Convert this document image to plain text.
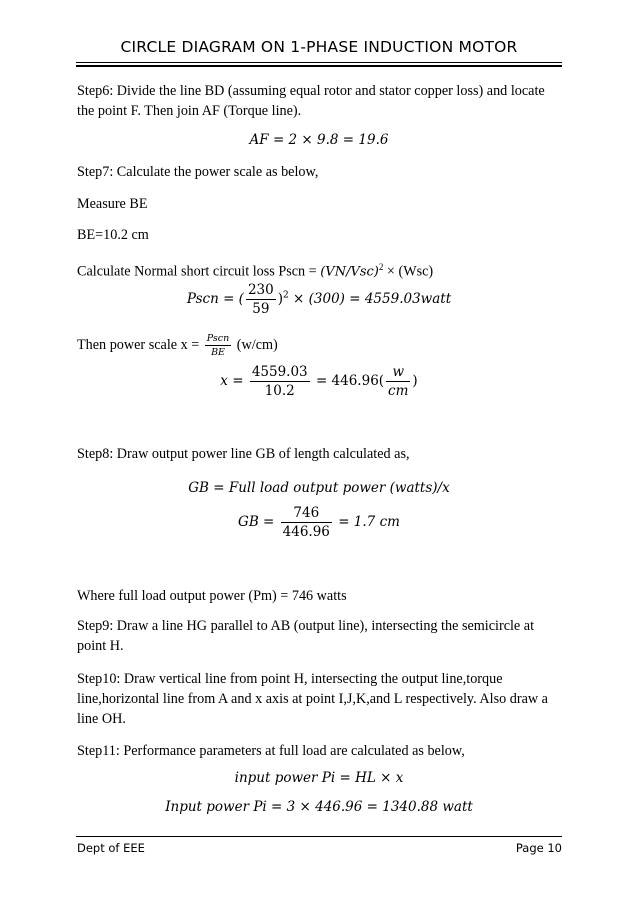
CIRCLE DIAGRAM ON 1-PHASE INDUCTION MOTOR
Step6: Divide the line BD (assuming equal rotor and stator copper loss) and locate the point F. Then join AF (Torque line).
AF = 2 × 9.8 = 19.6
Step7: Calculate the power scale as below,
Measure BE
BE=10.2 cm
Calculate Normal short circuit loss Pscn = $(VN/Vsc)^2 \times (Wsc)$
Pscn = ( $\frac{230}{59} )^2 \times (300)$ = 4559.03watt
Then power scale $x = \frac{\text{Pscn}}{BE} (w/cm)$
$x = \frac{4559.03}{10.2} = 446.96( \frac{w}{cm}$ )
Step8: Draw output power line GB of length calculated as,
GB = Full load output power (watts)/x
GB = $\frac{746}{446.96} = 1.7$ cm
Where full load output power (Pm) = 746 watts
Step9: Draw a line HG parallel to AB (output line), intersecting the semicircle at point H.
Step10: Draw vertical line from point H, intersecting the output line,torque line,horizontal line from A and x axis at point I,J,K,and L respectively. Also draw a line OH.
Step11: Performance parameters at full load are calculated as below,
input power Pi = HL × x
Input power Pi = 3 × 446.96 = 1340.88 watt
Dept of EEE	Page 10
